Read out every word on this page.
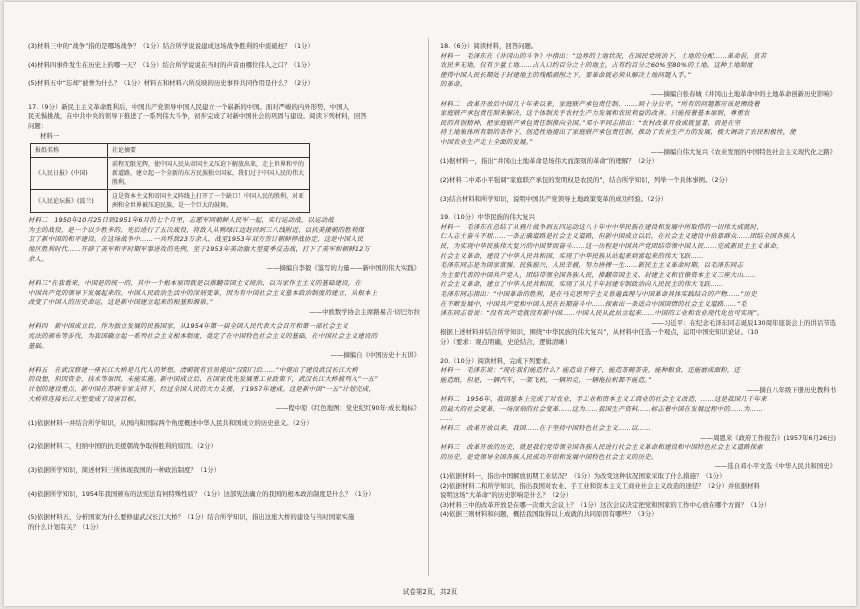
(3)材料三中的“战争”指的是哪场战争？（1分）结合所学说说建成这场战争胜利的中流砥柱？（1分）
(4)材料四事件发生在历史上的哪一天？（1分）结合所学说说在当时的声音由哪位伟人之口？（1分）
(5)材料五中“忘却”被誉为什么？（1分）材料五和材料六所反映的历史事件共同作用是什么？（2分）
17.（9分）新民主主义革命胜利后，中国共产党领导中国人民建立一个崭新的中国。面对严峻的内外形势，中国人
民无惧挑战，在中共中央的领导下推进了一系列伟大斗争，初步完成了对新中国社会的巩固与建设。阅读下列材料，回答
问题：
材料一
报纸名称	社论摘要
《人民日报》(中国)	前程无限光辉，使中国人民从帝国主义压迫下解放出来，走上世界和平的新道路，建立起一个全新的东方民族独立国家，我们过于中国人民的伟大胜利。
《人民论坛报》(波兰)	这是资本主义和帝国主义阵线上打开了一个缺口！中国人民的胜利，对亚洲和全世界被压迫民族，是一个巨大的鼓舞。
材料二　1950年10月25日到1951年6月的七个月里，志愿军同朝鲜人民军一起，实行运动战，以运动战
为主的战役，是一个以少胜多的，先后进行了五次战役，将敌人从鸭绿江边赶回到三八线附近，以抗美援朝的胜利保
卫了新中国的和平建设。在这场战争中……一共歼敌23万余人，战至1953年双方签订朝鲜停战协定，这是中国人民
地区胜利时代……开辟了美军和平时期军事进攻的先例，至于1953年美动旗大型夏季反击战，打下了美军和朝鲜12万
余人。
——摘编自李毅《鉴写的力量——新中国的伟大实践》
材料三“在我看来，中国是的统一的，其中一个根本原因就是以推翻帝国主义统治、以当家作主主义的基础建设，在
中国共产党的领导下发展起来的。中国人民政治生活中的深刻变革，因为有中国社会主义基本政治制度的建立，从根本上
改变了中国人的历史命运，这是新中国建立起来的根基和源泉。”
——中欧数学协会主席路易吉·切巴尔拉
材料四　新中国成立后，作为独立发展的民族国家，从1954年第一届全国人民代表大会召开和第一部社会主义
宪法的颁布等步伐，为我国确立起一系列社会主义根本制度，奠定了在中国特色社会主义的基础，在中国社会主义建设的
基础。
——摘编自《中国历史十五讲》
材料五　在武汉修建一座长江大桥是几代人的梦想。清朝就有官员提出“汉阳门后……”中提出了建设武汉长江大桥
的设想，但因资金、技术等原因，未能实施。新中国成立后，在国家优先发展重工业政策下，武汉长江大桥被列入“一五”
计划的建设重点，新中国在苏联专家支持下，经过全国人民的大力支援，于1957年建成。这是新中国“一五”计划完成，
大桥将连接长江天堑变成了设害目标。
——程中原《红色地图：党史纪红90年·成长地标》
(1)依据材料一并结合所学知识，从国内和国际两个角度概述中华人民共和国成立的历史意义。（2分）
(2)依据材料二，归纳中国的抗美援朝战争取得胜利的原因。（2分）
(3)依据所学知识，简述材料三所体现我国的一种政治制度？（1分）
(4)依据所学知识，1954年我国颁布的法宪法有何特殊性质？（1分）这部宪法确立的我国的根本政治制度是什么？（1分）
(5)依据材料五，分析国家为什么要修建武汉长江大桥？（1分）结合所学知识，指出这座大桥的建设与当时国家实施
的什么计划有关？（1分）
18.（6分）阅读材料，回答问题。
材料一　毛泽东在《井冈山的斗争》中指出：“边界的土地状况，在国民党统治下，土地的分配……革命前，贫苦
农民多无地，仅有少量土地……占人口约百分之十的地主，占有约百分之60%至80%的土地。这种土地制度
使得中国人民长期处于封建地主的残酷剥削之下，要革命就必须从解决土地问题入手。”
的革命。
——摘编自张春城《井冈山土地革命中的土地革命创新历史影响》
材料二　改革开放后中国几十年来以来，家庭联产承包责任制、……到十分公平。“所有的问题都应该是围绕着
家庭联产承包责任制来解决，这个体制关乎农村生产力发展和农民利益的改善。只能按着基本原则，尊重农
民的首创精神，把家庭联产承包责任制推向全国。”邓小平同志指出：“农村改革开放成就显著，而是在坚
持土地集体所有制的条件下，创造性地提出了家庭联产承包责任制，推动了农业生产力的发展，极大调动了农民积极性，使
中国农业生产走上全面的发展。”
——摘编自伟大复兴《农业发展的中国特色社会主义现代化之路》
(1)据材料一，指出“井冈山土地革命是场伟大而深刻的革命”的理解？（2分）
(2)材料二中邓小平强调“家庭联产承包的发明权是农民的”，结合所学知识，列举一个具体事例。（2分）
(3)结合材料和所学知识，说明中国共产党领导土地政策变革的成功经验。（2分）
19.（10分）中华民族的伟大复兴
材料一　毛泽东在总结了从鸦片战争到五四运动这八十年中中华民族在建设和发展中所取得的一切伟大成就时，
仁人志士奋斗不屈……一条正确道路是社会主义道路，但新中国成立以后，在社会主义建设中依靠群众……团结全国各族人
民，为实现中华民族伟大复兴的中国梦而奋斗……这一历程是中国共产党团结带领中国人民……完成新民主主义革命，
社会主义革命，建设了中华人民共和国，实现了中华民族从站起来到富起来的伟大飞跃……
毛泽东同志是为国家富强、民族振兴，人民幸福，努力拼搏一生……新民主主义革命时期，以毛泽东同志
为主要代表的中国共产党人，团结带领全国各族人民，推翻帝国主义、封建主义和官僚资本主义三座大山……
社会主义革命，建立了中华人民共和国，实现了从几千年封建专制政治向人民民主的伟大飞跃……
毛泽东同志指出：“中国革命的胜利，是在马克思列宁主义普遍真理与中国革命具体实践结合的产物……“历史
在不断发展中，中国共产党和中国人民在长期奋斗中……探索出一条适合中国国情的社会主义道路……“毛
泽东同志曾说：“没有共产党就没有新中国……中国人民从此站立起来……中国的工业和农业现代化也可实现”。
——习近平：在纪念毛泽东同志诞辰130周年座谈会上的讲话节选
根据上述材料并结合所学知识，围绕“中华民族的伟大复兴”，从材料中任选一个观点，运用中国史知识论证。（10
分）（要求：观点明确，史论结合，逻辑清晰）
20.（10分）阅读材料，完成下列要求。
材料一　毛泽东说：“现在我们能造什么？能造桌子椅子，能造茶碗茶壶，能种粮食，还能磨成面粉，还
能造纸，但是，一辆汽车，一架飞机，一辆坦克，一辆拖拉机都不能造。”
——摘自八年级下册历史教科书
材料二　1956年，我国基本上完成了对农业、手工业和资本主义工商业的社会主义改造，……这是我国几千年来
的最大的社会变革，一场深刻的社会变革……这为……我国生产资料……标志着中国在发展过程中的……为……
……
材料三　改革开放以来，我国……在于坚持中国特色社会主义……以……
——周恩来《政府工作报告》(1957年6月26日)
材料三　改革开放的历史，就是我们党带领全国各族人民进行社会主义革命和建设和中国特色社会主义道路探索
的历史，是党领导全国各族人民成功开创和发展中国特色社会主义的历史。
——选自邓小平文选《中华人民共和国史》
(1)依据材料一，指出中国解放初期工业状况？（1分）为改变这种状况国家采取了什么措施？（1分）
(2)依据材料二和所学知识，指出我国对农业、手工业和资本主义工商业社会主义改造的途径？（2分）并依据材料
说明这场“大革命”的历史影响是什么？（2分）
(3)材料三中的改革开放是在哪一次重大会议上？（1分）这次会议决定把党和国家的工作中心放在哪个方面？（1分）
(4)依据三则材料和问题，概括我国取得以上成就的共同原因有哪些？（3分）
试卷第2页，共2页
